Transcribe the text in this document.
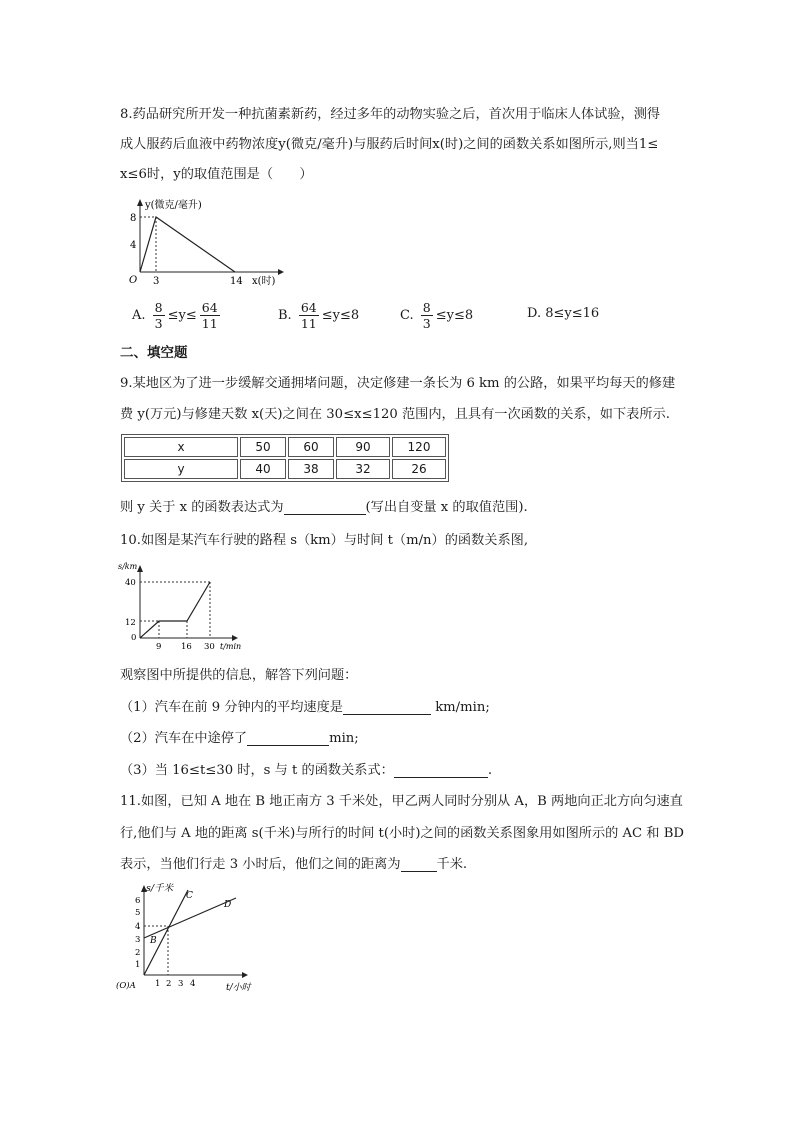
8.药品研究所开发一种抗菌素新药，经过多年的动物实验之后，首次用于临床人体试验，测得
成人服药后血液中药物浓度y(微克/毫升)与服药后时间x(时)之间的函数关系如图所示,则当1≤
x≤6时，y的取值范围是（　　）
y(微克/毫升)
8
4
O 3	14 x(时)
A. $\frac{8}{3} \le y\le \frac{64}{11}$	B. $\frac{64}{11} \le y\le 8$	C. $\frac{8}{3} \le y\le 8$	D. 8≤y≤16
二、填空题
9.某地区为了进一步缓解交通拥堵问题，决定修建一条长为 6 km 的公路，如果平均每天的修建
费 y(万元)与修建天数 x(天)之间在 30≤x≤120 范围内，且具有一次函数的关系，如下表所示.
x	50	60	90	120
y	40	38	32	26
则 y 关于 x 的函数表达式为	(写出自变量 x 的取值范围).
10.如图是某汽车行驶的路程 s（km）与时间 t（m/n）的函数关系图,
s/km
40
12
0
9 16 30 t/min
观察图中所提供的信息，解答下列问题：
（1）汽车在前 9 分钟内的平均速度是	km/min;
（2）汽车在中途停了	min;
（3）当 16≤t≤30 时，s 与 t 的函数关系式：	.
11.如图，已知 A 地在 B 地正南方 3 千米处，甲乙两人同时分别从 A，B 两地向正北方向匀速直
行,他们与 A 地的距离 s(千米)与所行的时间 t(小时)之间的函数关系图象用如图所示的 AC 和 BD
表示，当他们行走 3 小时后，他们之间的距离为	千米.
s/千米
6
5
4
3
2
1
(O)A 1 2 3 4	t/小时
B
C
D
